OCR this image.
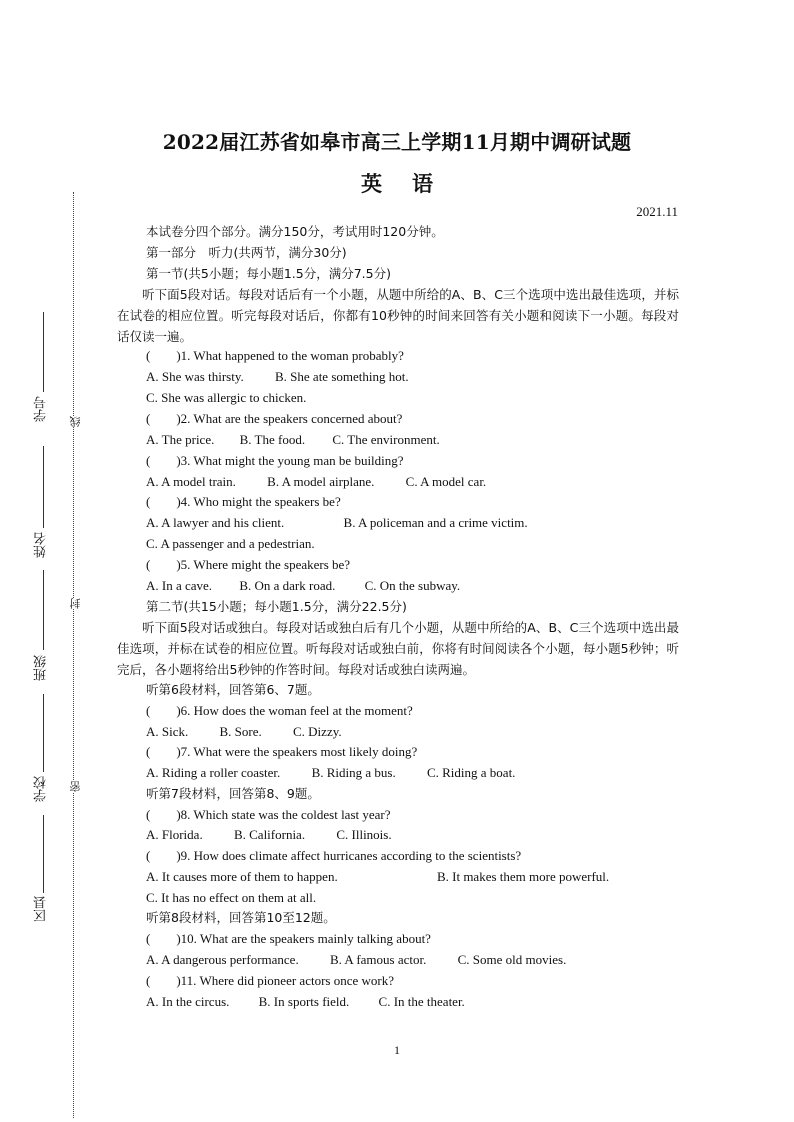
学号
姓名
班级
学校
区县
线
封
密
2022届江苏省如皋市高三上学期11月期中调研试题
英语
2021.11
本试卷分四个部分。满分150分，考试用时120分钟。
第一部分　听力(共两节，满分30分)
第一节(共5小题；每小题1.5分，满分7.5分)
听下面5段对话。每段对话后有一个小题，从题中所给的A、B、C三个选项中选出最佳选项，并标在试卷的相应位置。听完每段对话后，你都有10秒钟的时间来回答有关小题和阅读下一小题。每段对话仅读一遍。
(　　)1. What happened to the woman probably?
A. She was thirsty. B. She ate something hot.
C. She was allergic to chicken.
(　　)2. What are the speakers concerned about?
A. The price. B. The food. C. The environment.
(　　)3. What might the young man be building?
A. A model train. B. A model airplane. C. A model car.
(　　)4. Who might the speakers be?
A. A lawyer and his client.	B. A policeman and a crime victim.
C. A passenger and a pedestrian.
(　　)5. Where might the speakers be?
A. In a cave. B. On a dark road. C. On the subway.
第二节(共15小题；每小题1.5分，满分22.5分)
听下面5段对话或独白。每段对话或独白后有几个小题，从题中所给的A、B、C三个选项中选出最佳选项，并标在试卷的相应位置。听每段对话或独白前，你将有时间阅读各个小题，每小题5秒钟；听完后，各小题将给出5秒钟的作答时间。每段对话或独白读两遍。
听第6段材料，回答第6、7题。
(　　)6. How does the woman feel at the moment?
A. Sick. B. Sore. C. Dizzy.
(　　)7. What were the speakers most likely doing?
A. Riding a roller coaster. B. Riding a bus. C. Riding a boat.
听第7段材料，回答第8、9题。
(　　)8. Which state was the coldest last year?
A. Florida. B. California. C. Illinois.
(　　)9. How does climate affect hurricanes according to the scientists?
A. It causes more of them to happen.	B. It makes them more powerful.
C. It has no effect on them at all.
听第8段材料，回答第10至12题。
(　　)10. What are the speakers mainly talking about?
A. A dangerous performance. B. A famous actor. C. Some old movies.
(　　)11. Where did pioneer actors once work?
A. In the circus. B. In sports field. C. In the theater.
1
